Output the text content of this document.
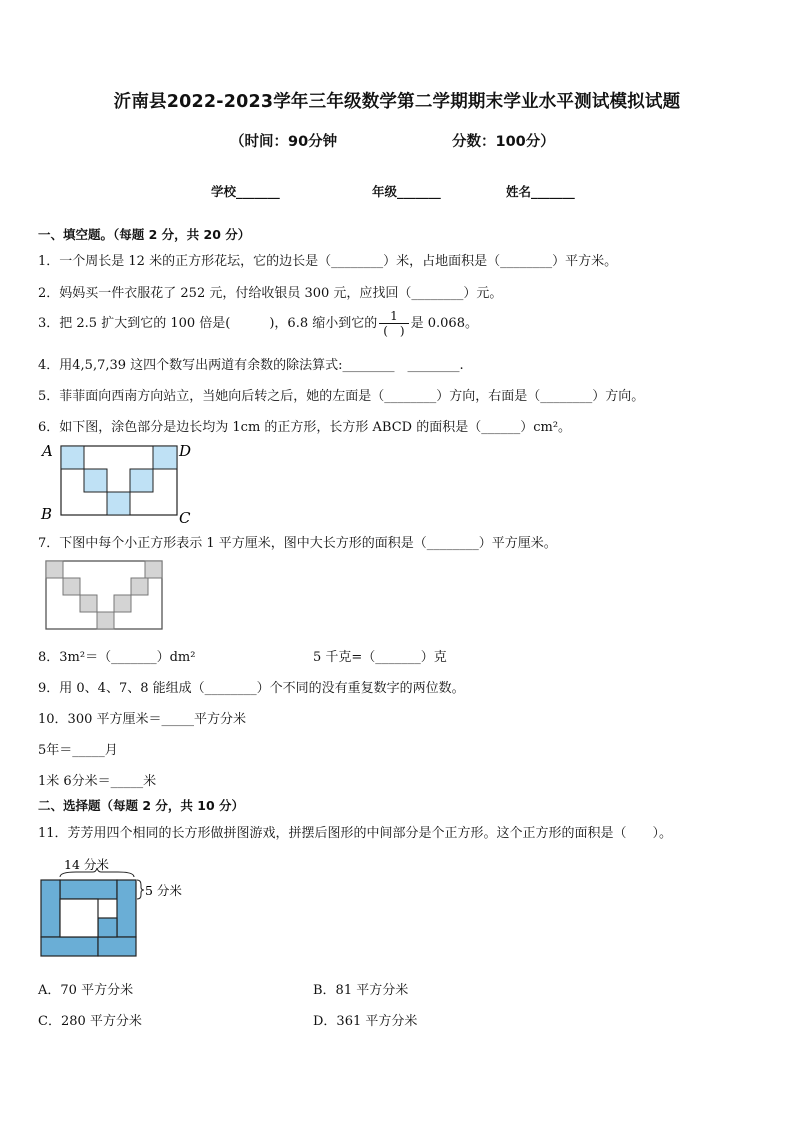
沂南县2022-2023学年三年级数学第二学期期末学业水平测试模拟试题
（时间：90分钟	分数：100分）
学校_______	年级_______	姓名_______
一、填空题。（每题 2 分，共 20 分）
1．一个周长是 12 米的正方形花坛，它的边长是（________）米，占地面积是（________）平方米。
2．妈妈买一件衣服花了 252 元，付给收银员 300 元，应找回（________）元。
3．把 2.5 扩大到它的 100 倍是(　　　)，6.8 缩小到它的 $\frac{1}{( )}$ 是 0.068。
4．用4,5,7,39 这四个数写出两道有余数的除法算式:________　________.
5．菲菲面向西南方向站立，当她向后转之后，她的左面是（________）方向，右面是（________）方向。
6．如下图，涂色部分是边长均为 1cm 的正方形，长方形 ABCD 的面积是（______）cm²。
A	D
B	C
7．下图中每个小正方形表示 1 平方厘米，图中大长方形的面积是（________）平方厘米。
8．3m²＝（_______）dm²	5 千克=（_______）克
9．用 0、4、7、8 能组成（________）个不同的没有重复数字的两位数。
10．300 平方厘米＝_____平方分米
5年＝_____月
1米 6分米＝_____米
二、选择题（每题 2 分，共 10 分）
11．芳芳用四个相同的长方形做拼图游戏，拼摆后图形的中间部分是个正方形。这个正方形的面积是（　　）。
14 分米
5 分米
A．70 平方分米	B．81 平方分米
C．280 平方分米	D．361 平方分米
